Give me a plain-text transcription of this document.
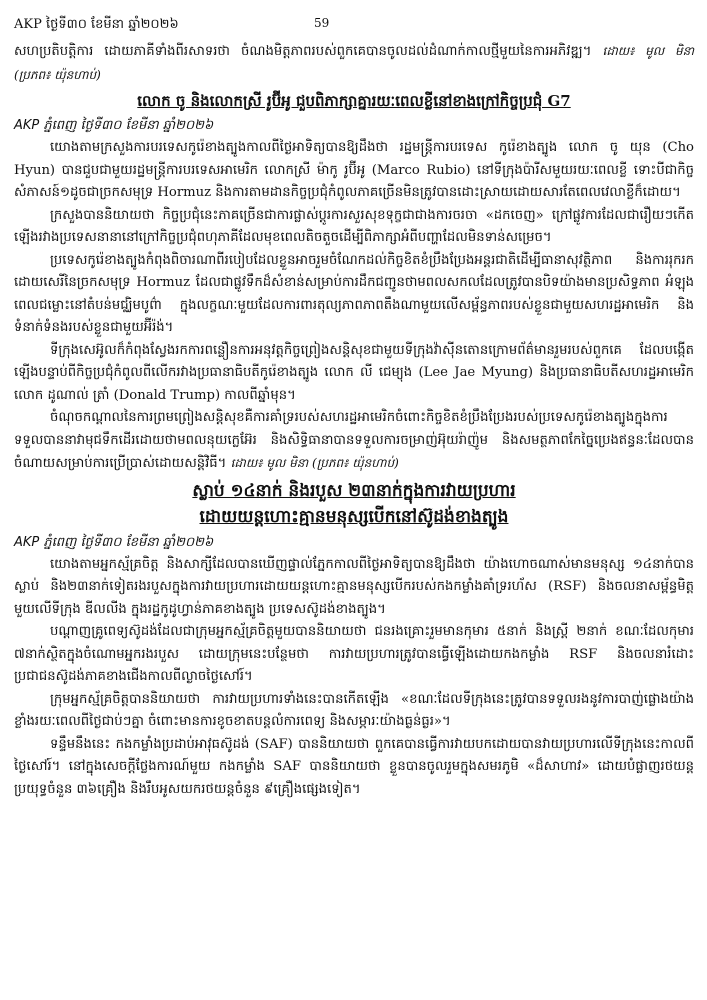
AKP ថ្ងៃទី៣០ ខែមីនា ឆ្នាំ២០២៦	59

សហប្រតិបត្តិការ ដោយភាគីទាំងពីរសាទរថា ចំណងមិត្តភាពរបស់ពួកគេបានចូលដល់ដំណាក់កាលថ្មីមួយនៃការអភិវឌ្ឍ។ ដោយ៖ មូល មិនា (ប្រភព៖ យ៉ុនហាប់)

លោក ចូ និងលោកស្រី រូប៊ីអូ ជួបពិភាក្សាគ្នារយៈពេលខ្លីនៅខាងក្រៅកិច្ចប្រជុំ G7
AKP ភ្នំពេញ ថ្ងៃទី៣០ ខែមីនា ឆ្នាំ២០២៦

យោងតាមក្រសួងការបរទេសកូរ៉េខាងត្បូងកាលពីថ្ងៃអាទិត្យបានឱ្យដឹងថា រដ្ឋមន្ត្រីការបរទេស កូរ៉េខាងត្បូង លោក ចូ យុន (Cho Hyun) បានជួបជាមួយរដ្ឋមន្ត្រីការបរទេសអាមេរិក លោកស្រី ម៉ាកូ រូប៊ីអូ (Marco Rubio) នៅទីក្រុងប៉ារីសមួយរយៈពេលខ្លី ទោះបីជាកិច្ចសំភាសន៍១ដូចជាច្រកសមុទ្រ Hormuz និងការតាមដានកិច្ចប្រជុំកំពូលភាគច្រើនមិនត្រូវបានដោះស្រាយដោយសារតែពេលវេលាខ្លីក៏ដោយ។

ក្រសួងបាននិយាយថា កិច្ចប្រជុំនេះភាគច្រើនជាការផ្លាស់ប្តូរការសួរសុខទុក្ខជាជាងការចរចា «ដកចេញ» ក្រៅផ្លូវការដែលជារឿយៗកើតឡើងរវាងប្រទេសនានានៅក្រៅកិច្ចប្រជុំពហុភាគីដែលមុខពេលតិចតួចដើម្បីពិភាក្សាអំពីបញ្ហាដែលមិនទាន់សម្រេច។

ប្រទេសកូរ៉េខាងត្បូងកំពុងពិចារណាពីរបៀបដែលខ្លួនអាចរួមចំណែកដល់កិច្ចខិតខំប្រឹងប្រែងអន្តរជាតិដើម្បីធានាសុវត្ថិភាព និងការរុករកដោយសេរីនៃច្រកសមុទ្រ Hormuz ដែលជាផ្លូវទឹកដ៏សំខាន់សម្រាប់ការដឹកជញ្ជូនថាមពលសកលដែលត្រូវបានបិទយ៉ាងមានប្រសិទ្ធភាព អំឡុងពេលជម្លោះនៅតំបន់មជ្ឈិមបូព៌ា ក្នុងលក្ខណៈមួយដែលការពារតុល្យភាពភាពតឹងណាមួយលើសម្ព័ន្ធភាពរបស់ខ្លួនជាមួយសហរដ្ឋអាមេរិក និងទំនាក់ទំនងរបស់ខ្លួនជាមួយអ៊ីរ៉ង់។

ទីក្រុងសេអ៊ូលក៏កំពុងស្វែងរកការពន្លឿនការអនុវត្តកិច្ចព្រៀងសន្តិសុខជាមួយទីក្រុងវ៉ាស៊ីនតោនក្រោមព័ត៌មានរួមរបស់ពួកគេ ដែលបង្កើតឡើងបន្ទាប់ពីកិច្ចប្រជុំកំពូលពីលើករវាងប្រធានាធិបតីកូរ៉េខាងត្បូង លោក លី ជេម្យុង (Lee Jae Myung) និងប្រធានាធិបតីសហរដ្ឋអាមេរិក លោក ដូណាល់ ត្រាំ (Donald Trump) កាលពីឆ្នាំមុន។

ចំណុចកណ្តាលនៃការព្រមព្រៀងសន្តិសុខគឺការគាំទ្ររបស់សហរដ្ឋអាមេរិកចំពោះកិច្ចខិតខំប្រឹងប្រែងរបស់ប្រទេសកូរ៉េខាងត្បូងក្នុងការទទួលបាននាវាមុជទឹកដើរដោយថាមពលនុយក្លេអ៊ែរ និងសិទ្ធិធានាបានទទួលការចម្រាញ់អ៊ុយរ៉ាញ៉ូម និងសមត្ថភាពកែច្នៃប្រេងឥន្ធនៈដែលបានចំណាយសម្រាប់ការប្រើប្រាស់ដោយសន្តិវិធី។ ដោយ៖ មូល មិនា (ប្រភព៖ យ៉ុនហាប់)

ស្លាប់ ១៤នាក់ និងរបួស ២៣នាក់ក្នុងការវាយប្រហារ
ដោយយន្តហោះគ្មានមនុស្សបើកនៅស៊ូដង់ខាងត្បូង
AKP ភ្នំពេញ ថ្ងៃទី៣០ ខែមីនា ឆ្នាំ២០២៦

យោងតាមអ្នកស្ម័គ្រចិត្ត និងសាក្សីដែលបានឃើញផ្ទាល់ភ្នែកកាលពីថ្ងៃអាទិត្យបានឱ្យដឹងថា យ៉ាងហោចណាស់មានមនុស្ស ១៤នាក់បានស្លាប់ និង២៣នាក់ទៀតរងរបួសក្នុងការវាយប្រហារដោយយន្តហោះគ្មានមនុស្សបើករបស់កងកម្លាំងគាំទ្ររហ័ស (RSF) និងចលនាសម្ព័ន្ធមិត្តមួយលើទីក្រុង ឌីលលីង ក្នុងរដ្ឋកូដូហ្វាន់ភាគខាងត្បូង ប្រទេសស៊ូដង់ខាងត្បូង។

បណ្តាញគ្រូពេទ្យស៊ូដង់ដែលជាក្រុមអ្នកស្ម័គ្រចិត្តមួយបាននិយាយថា ជនរងគ្រោះរួមមានកុមារ ៥នាក់ និងស្ត្រី ២នាក់ ខណៈដែលកុមារ ៧នាក់ស្ថិតក្នុងចំណោមអ្នករងរបួស ដោយក្រុមនេះបន្ថែមថា ការវាយប្រហារត្រូវបានធ្វើឡើងដោយកងកម្លាំង RSF និងចលនារំដោះប្រជាជនស៊ូដង់ភាគខាងជើងកាលពីល្ងាចថ្ងៃសៅរ៍។

ក្រុមអ្នកស្ម័គ្រចិត្តបាននិយាយថា ការវាយប្រហារទាំងនេះបានកើតឡើង «ខណៈដែលទីក្រុងនេះត្រូវបានទទួលរងនូវការបាញ់ផ្លោងយ៉ាងខ្លាំងរយៈពេលពីថ្ងៃជាប់ៗគ្នា ចំពោះមានការខូចខាតបន្តលំការពេទ្យ និងសម្ភារៈយ៉ាងធ្ងន់ធ្ងរ»។

ទន្ទឹមនឹងនេះ កងកម្លាំងប្រដាប់អាវុធស៊ូដង់ (SAF) បាននិយាយថា ពួកគេបានធ្វើការវាយបកដោយបានវាយប្រហារលើទីក្រុងនេះកាលពីថ្ងៃសៅរ៍។ នៅក្នុងសេចក្តីថ្លែងការណ៍មួយ កងកម្លាំង SAF បាននិយាយថា ខ្លួនបានចូលរួមក្នុងសមរភូមិ «ដ៏សាហាវ» ដោយបំផ្លាញរថយន្តប្រយុទ្ធចំនួន ៣៦គ្រឿង និងរឹបអូសយករថយន្តចំនួន ៩គ្រឿងផ្សេងទៀត។
